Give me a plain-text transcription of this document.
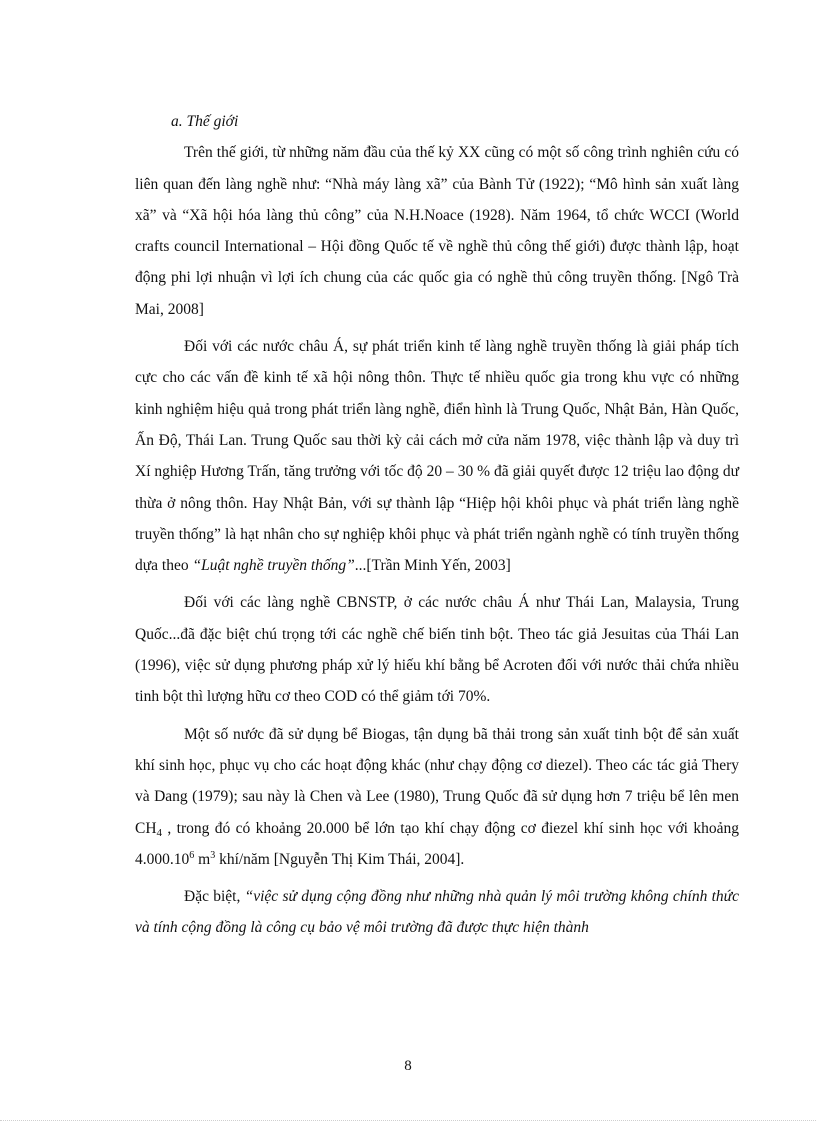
a. Thế giới

Trên thế giới, từ những năm đầu của thế kỷ XX cũng có một số công trình nghiên cứu có liên quan đến làng nghề như: “Nhà máy làng xã” của Bành Tử (1922); “Mô hình sản xuất làng xã” và “Xã hội hóa làng thủ công” của N.H.Noace (1928). Năm 1964, tổ chức WCCI (World crafts council International – Hội đồng Quốc tế về nghề thủ công thế giới) được thành lập, hoạt động phi lợi nhuận vì lợi ích chung của các quốc gia có nghề thủ công truyền thống. [Ngô Trà Mai, 2008]

Đối với các nước châu Á, sự phát triển kinh tế làng nghề truyền thống là giải pháp tích cực cho các vấn đề kinh tế xã hội nông thôn. Thực tế nhiều quốc gia trong khu vực có những kinh nghiệm hiệu quả trong phát triển làng nghề, điển hình là Trung Quốc, Nhật Bản, Hàn Quốc, Ấn Độ, Thái Lan. Trung Quốc sau thời kỳ cải cách mở cửa năm 1978, việc thành lập và duy trì Xí nghiệp Hương Trấn, tăng trưởng với tốc độ 20 – 30 % đã giải quyết được 12 triệu lao động dư thừa ở nông thôn. Hay Nhật Bản, với sự thành lập “Hiệp hội khôi phục và phát triển làng nghề truyền thống” là hạt nhân cho sự nghiệp khôi phục và phát triển ngành nghề có tính truyền thống dựa theo “Luật nghề truyền thống”...[Trần Minh Yến, 2003]

Đối với các làng nghề CBNSTP, ở các nước châu Á như Thái Lan, Malaysia, Trung Quốc...đã đặc biệt chú trọng tới các nghề chế biến tinh bột. Theo tác giả Jesuitas của Thái Lan (1996), việc sử dụng phương pháp xử lý hiếu khí bằng bể Acroten đối với nước thải chứa nhiều tinh bột thì lượng hữu cơ theo COD có thể giảm tới 70%.

Một số nước đã sử dụng bể Biogas, tận dụng bã thải trong sản xuất tinh bột để sản xuất khí sinh học, phục vụ cho các hoạt động khác (như chạy động cơ diezel). Theo các tác giả Thery và Dang (1979); sau này là Chen và Lee (1980), Trung Quốc đã sử dụng hơn 7 triệu bể lên men $CH_4$ , trong đó có khoảng 20.000 bể lớn tạo khí chạy động cơ điezel khí sinh học với khoảng 4.000.10$^6$ $m^3$ khí/năm [Nguyễn Thị Kim Thái, 2004].

Đặc biệt, “việc sử dụng cộng đồng như những nhà quản lý môi trường không chính thức và tính cộng đồng là công cụ bảo vệ môi trường đã được thực hiện thành

8
